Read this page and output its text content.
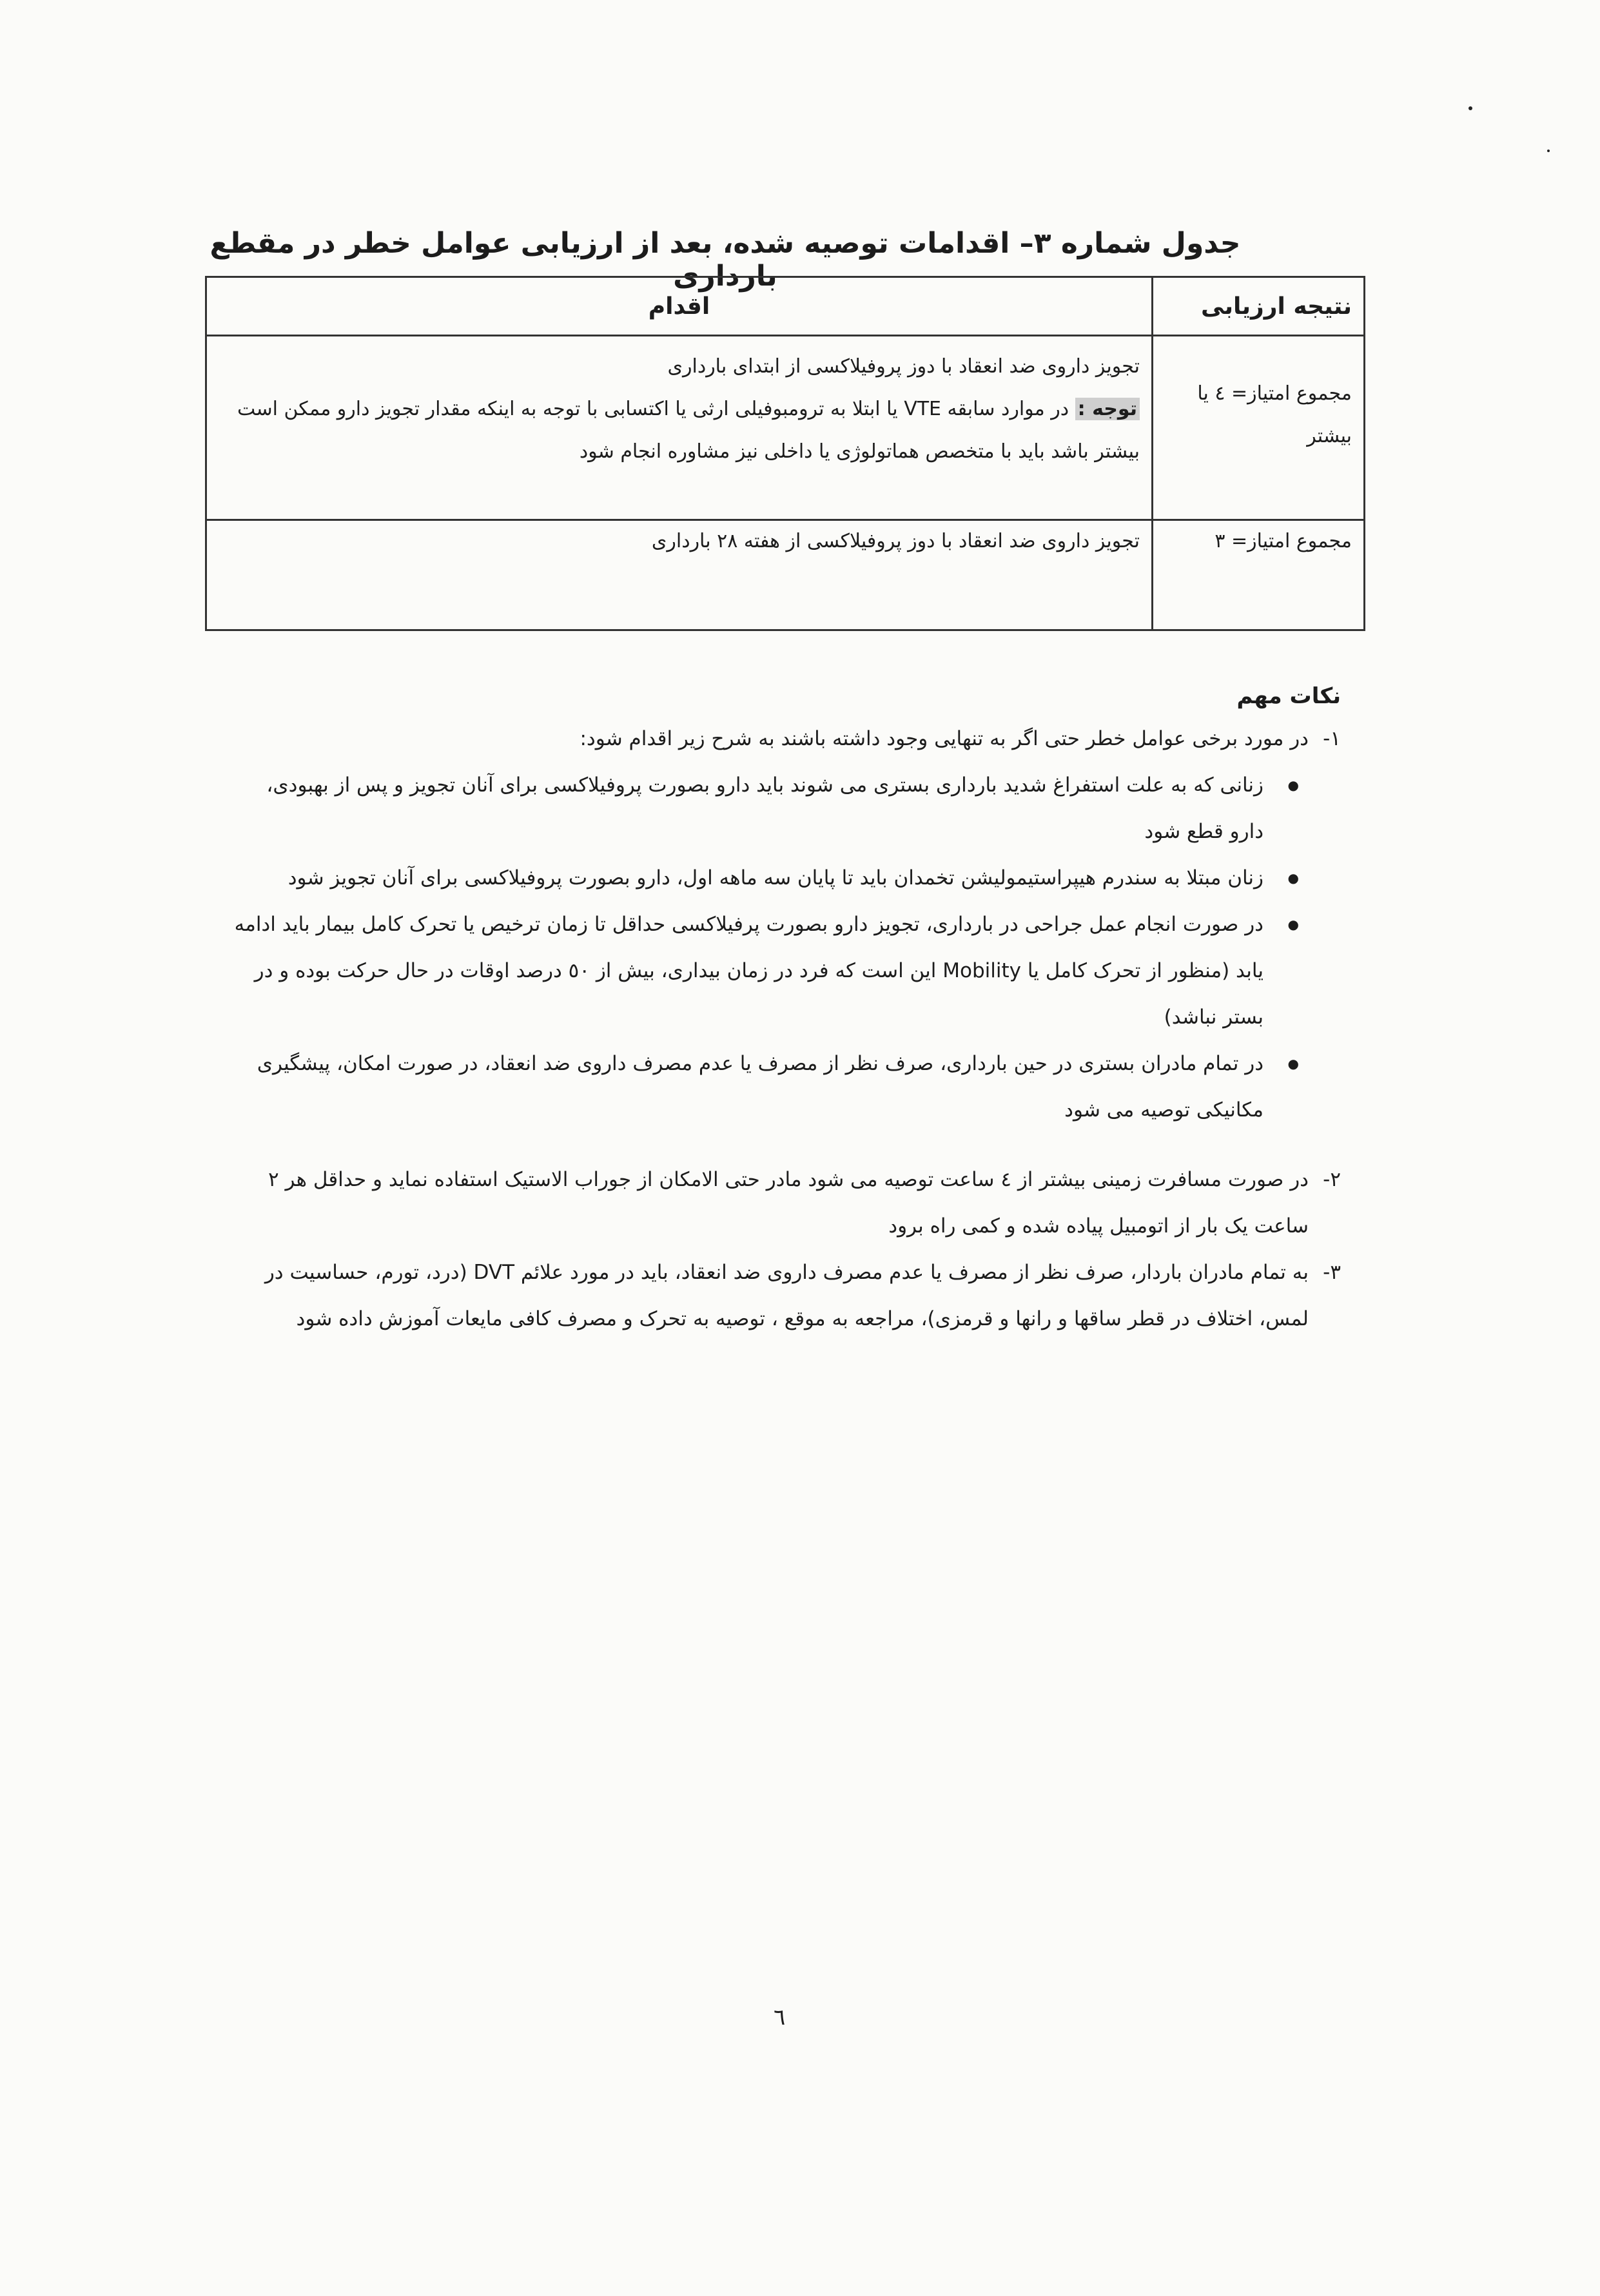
جدول شماره ۳– اقدامات توصیه شده، بعد از ارزیابی عوامل خطر در مقطع بارداری
نتیجه ارزیابی	اقدام

مجموع امتیاز= ٤ یا بیشتر	تجویز داروی ضد انعقاد با دوز پروفیلاکسی از ابتدای بارداری

توجه : در موارد سابقه VTE یا ابتلا به ترومبوفیلی ارثی یا اکتسابی با توجه به اینکه مقدار تجویز دارو ممکن است بیشتر باشد باید با متخصص هماتولوژی یا داخلی نیز مشاوره انجام شود

مجموع امتیاز= ۳	تجویز داروی ضد انعقاد با دوز پروفیلاکسی از هفته ۲۸ بارداری
نکات مهم
۱-
در مورد برخی عوامل خطر حتی اگر به تنهایی وجود داشته باشند به شرح زیر اقدام شود:
● زنانی که به علت استفراغ شدید بارداری بستری می شوند باید دارو بصورت پروفیلاکسی برای آنان تجویز و پس از بهبودی، دارو قطع شود
● زنان مبتلا به سندرم هیپراستیمولیشن تخمدان باید تا پایان سه ماهه اول، دارو بصورت پروفیلاکسی برای آنان تجویز شود
● در صورت انجام عمل جراحی در بارداری، تجویز دارو بصورت پرفیلاکسی حداقل تا زمان ترخیص یا تحرک کامل بیمار باید ادامه یابد (منظور از تحرک کامل یا Mobility این است که فرد در زمان بیداری، بیش از ٥٠ درصد اوقات در حال حرکت بوده و در بستر نباشد)
● در تمام مادران بستری در حین بارداری، صرف نظر از مصرف یا عدم مصرف داروی ضد انعقاد، در صورت امکان، پیشگیری مکانیکی توصیه می شود
۲-
در صورت مسافرت زمینی بیشتر از ٤ ساعت توصیه می شود مادر حتی الامکان از جوراب الاستیک استفاده نماید و حداقل هر ۲ ساعت یک بار از اتومبیل پیاده شده و کمی راه برود
۳-
به تمام مادران باردار، صرف نظر از مصرف یا عدم مصرف داروی ضد انعقاد، باید در مورد علائم DVT (درد، تورم، حساسیت در لمس، اختلاف در قطر ساقها و رانها و قرمزی)، مراجعه به موقع ، توصیه به تحرک و مصرف کافی مایعات آموزش داده شود
٦
